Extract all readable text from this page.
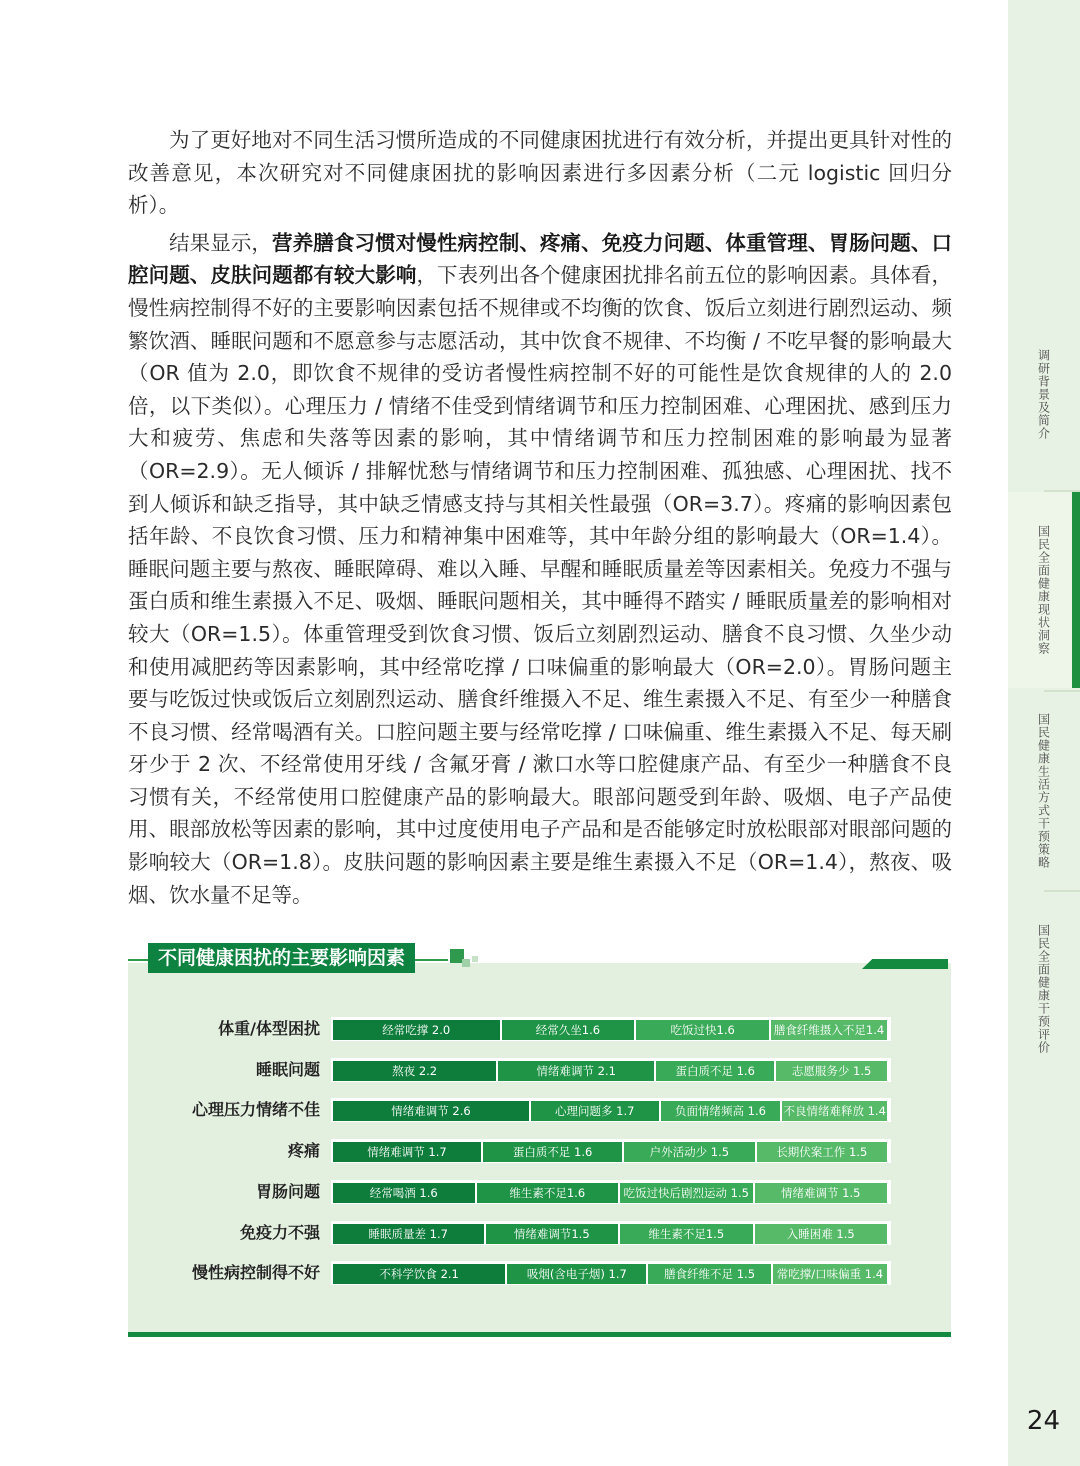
调研背景及简介
国民全面健康现状洞察
国民健康生活方式干预策略
国民全面健康干预评价
24

为了更好地对不同生活习惯所造成的不同健康困扰进行有效分析，并提出更具针对性的改善意见，本次研究对不同健康困扰的影响因素进行多因素分析（二元 logistic 回归分析）。

结果显示，营养膳食习惯对慢性病控制、疼痛、免疫力问题、体重管理、胃肠问题、口腔问题、皮肤问题都有较大影响，下表列出各个健康困扰排名前五位的影响因素。具体看，慢性病控制得不好的主要影响因素包括不规律或不均衡的饮食、饭后立刻进行剧烈运动、频繁饮酒、睡眠问题和不愿意参与志愿活动，其中饮食不规律、不均衡 / 不吃早餐的影响最大（OR 值为 2.0，即饮食不规律的受访者慢性病控制不好的可能性是饮食规律的人的 2.0 倍，以下类似）。心理压力 / 情绪不佳受到情绪调节和压力控制困难、心理困扰、感到压力大和疲劳、焦虑和失落等因素的影响，其中情绪调节和压力控制困难的影响最为显著（OR=2.9）。无人倾诉 / 排解忧愁与情绪调节和压力控制困难、孤独感、心理困扰、找不到人倾诉和缺乏指导，其中缺乏情感支持与其相关性最强（OR=3.7）。疼痛的影响因素包括年龄、不良饮食习惯、压力和精神集中困难等，其中年龄分组的影响最大（OR=1.4）。睡眠问题主要与熬夜、睡眠障碍、难以入睡、早醒和睡眠质量差等因素相关。免疫力不强与蛋白质和维生素摄入不足、吸烟、睡眠问题相关，其中睡得不踏实 / 睡眠质量差的影响相对较大（OR=1.5）。体重管理受到饮食习惯、饭后立刻剧烈运动、膳食不良习惯、久坐少动和使用减肥药等因素影响，其中经常吃撑 / 口味偏重的影响最大（OR=2.0）。胃肠问题主要与吃饭过快或饭后立刻剧烈运动、膳食纤维摄入不足、维生素摄入不足、有至少一种膳食不良习惯、经常喝酒有关。口腔问题主要与经常吃撑 / 口味偏重、维生素摄入不足、每天刷牙少于 2 次、不经常使用牙线 / 含氟牙膏 / 漱口水等口腔健康产品、有至少一种膳食不良习惯有关，不经常使用口腔健康产品的影响最大。眼部问题受到年龄、吸烟、电子产品使用、眼部放松等因素的影响，其中过度使用电子产品和是否能够定时放松眼部对眼部问题的影响较大（OR=1.8）。皮肤问题的影响因素主要是维生素摄入不足（OR=1.4），熬夜、吸烟、饮水量不足等。

不同健康困扰的主要影响因素
体重/体型困扰	经常吃撑 2.0	经常久坐1.6	吃饭过快1.6	膳食纤维摄入不足1.4
睡眠问题	熬夜 2.2	情绪难调节 2.1	蛋白质不足 1.6	志愿服务少 1.5
心理压力情绪不佳	情绪难调节 2.6	心理问题多 1.7	负面情绪频高 1.6	不良情绪难释放 1.4
疼痛	情绪难调节 1.7	蛋白质不足 1.6	户外活动少 1.5	长期伏案工作 1.5
胃肠问题	经常喝酒 1.6	维生素不足1.6	吃饭过快后剧烈运动 1.5	情绪难调节 1.5
免疫力不强	睡眠质量差 1.7	情绪难调节1.5	维生素不足1.5	入睡困难 1.5
慢性病控制得不好	不科学饮食 2.1	吸烟(含电子烟) 1.7	膳食纤维不足 1.5	常吃撑/口味偏重 1.4
